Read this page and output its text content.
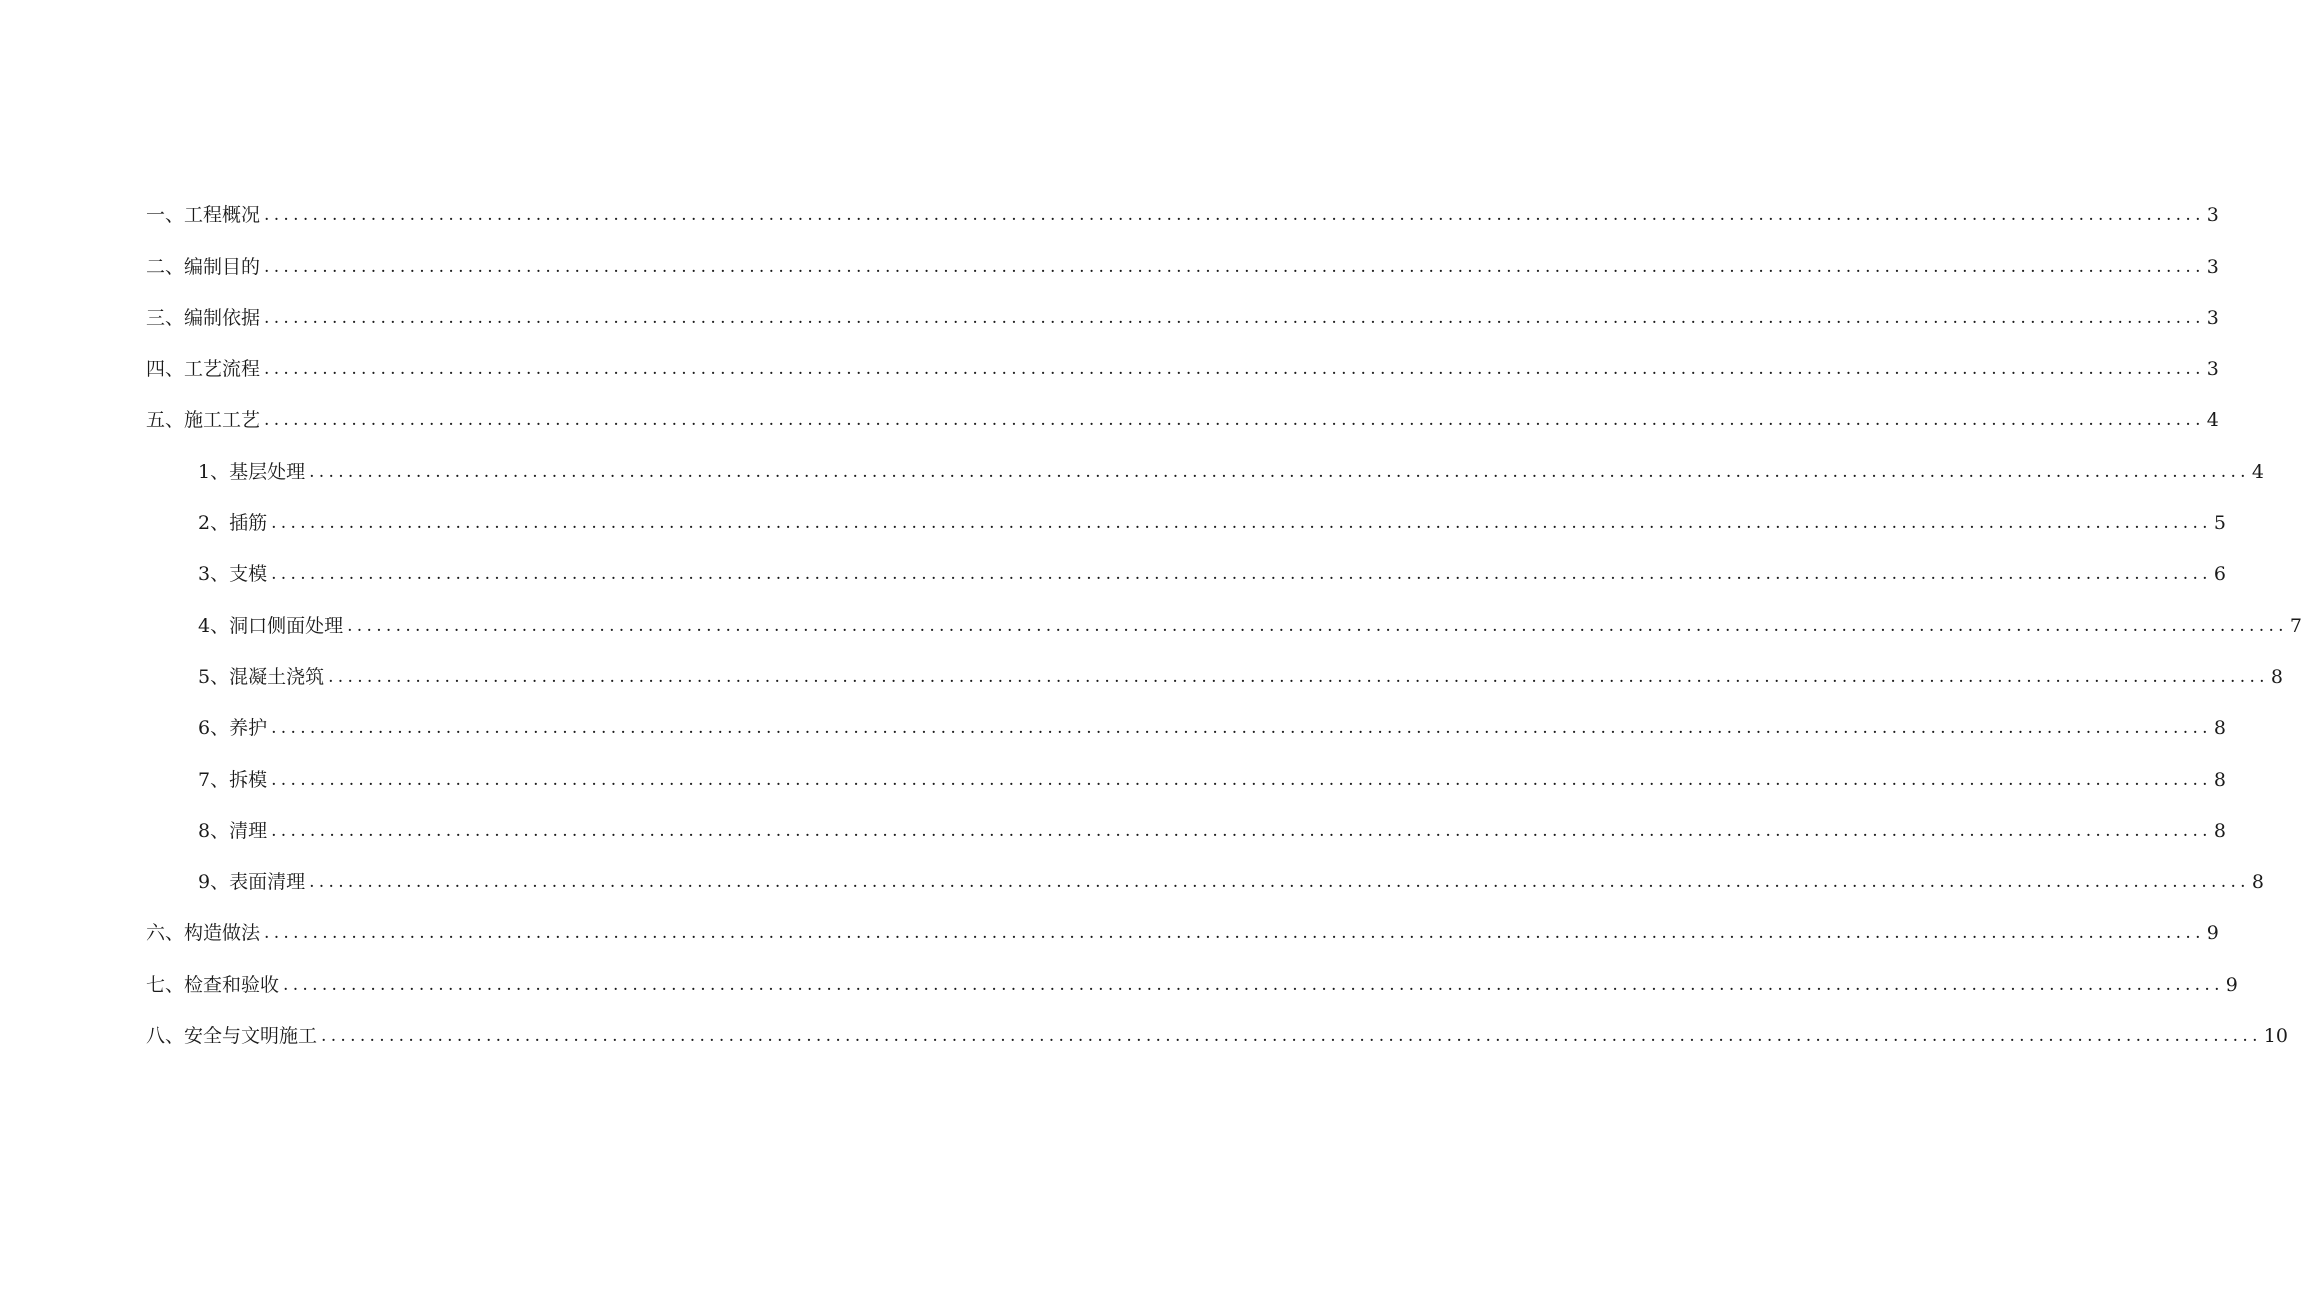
一、工程概况 ........................................................................................................................................................................................................ 3
二、编制目的 ........................................................................................................................................................................................................ 3
三、编制依据 ........................................................................................................................................................................................................ 3
四、工艺流程 ........................................................................................................................................................................................................ 3
五、施工工艺 ........................................................................................................................................................................................................ 4
1、基层处理 ........................................................................................................................................................................................................ 4
2、插筋 ........................................................................................................................................................................................................ 5
3、支模 ........................................................................................................................................................................................................ 6
4、洞口侧面处理 ........................................................................................................................................................................................................ 7
5、混凝土浇筑 ........................................................................................................................................................................................................ 8
6、养护 ........................................................................................................................................................................................................ 8
7、拆模 ........................................................................................................................................................................................................ 8
8、清理 ........................................................................................................................................................................................................ 8
9、表面清理 ........................................................................................................................................................................................................ 8
六、构造做法 ........................................................................................................................................................................................................ 9
七、检查和验收 ........................................................................................................................................................................................................ 9
八、安全与文明施工 ........................................................................................................................................................................................................ 10
